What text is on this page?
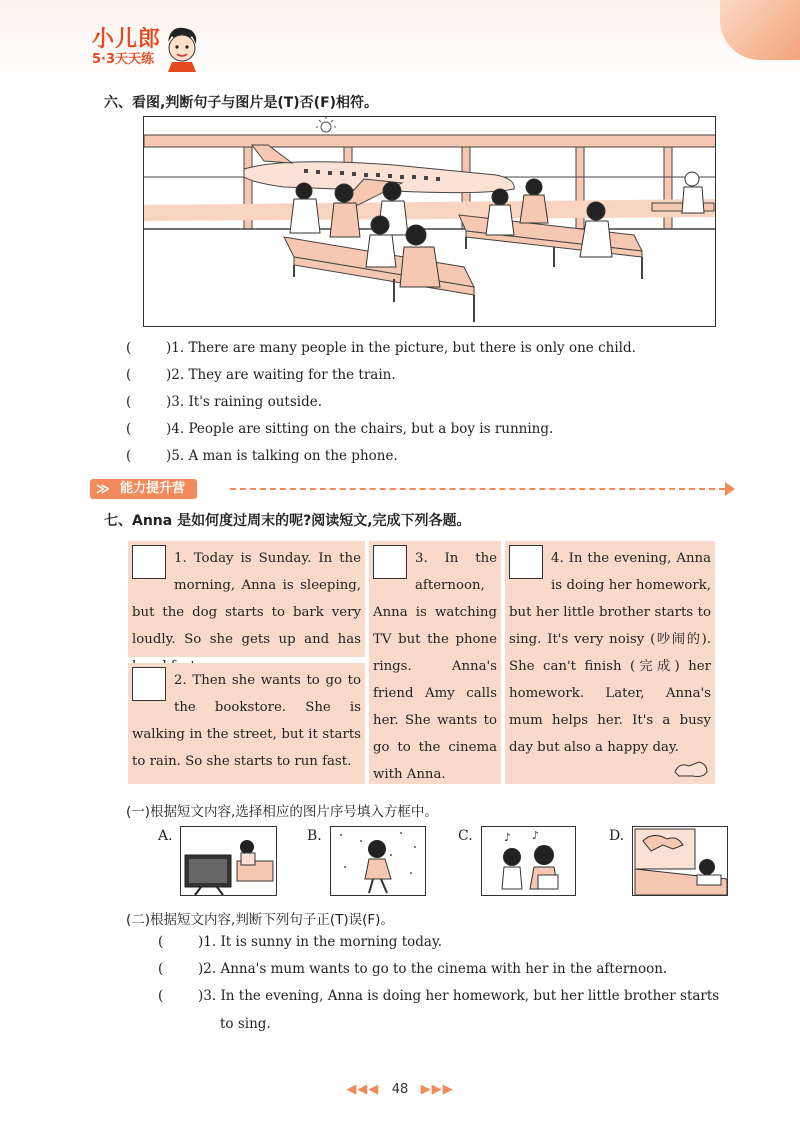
小儿郎
5·3天天练
六、看图,判断句子与图片是(T)否(F)相符。
(	)1. There are many people in the picture, but there is only one child.
(	)2. They are waiting for the train.
(	)3. It's raining outside.
(	)4. People are sitting on the chairs, but a boy is running.
(	)5. A man is talking on the phone.
≫ 能力提升营
七、Anna 是如何度过周末的呢?阅读短文,完成下列各题。
1. Today is Sunday. In the morning, Anna is sleeping, but the dog starts to bark very loudly. So she gets up and has
2. Then she wants to go to the bookstore. She is walking in the street, but it starts to rain. So she starts to run fast.
3. In the afternoon, Anna is watching TV but the phone rings. Anna's friend Amy calls her. She wants to go to the cinema with Anna.
4. In the evening, Anna is doing her homework, but her little brother starts to sing. It's very noisy (吵闹的). She can't finish (完成) her homework. Later, Anna's mum helps her. It's a busy day but also a happy day.
(一)根据短文内容,选择相应的图片序号填入方框中。
A.	B.	C.	♪ ♪	D.
(二)根据短文内容,判断下列句子正(T)误(F)。
(	)1. It is sunny in the morning today.
(	)2. Anna's mum wants to go to the cinema with her in the afternoon.
(	)3. In the evening, Anna is doing her homework, but her little brother starts
to sing.
◀◀◀ 48 ▶▶▶
